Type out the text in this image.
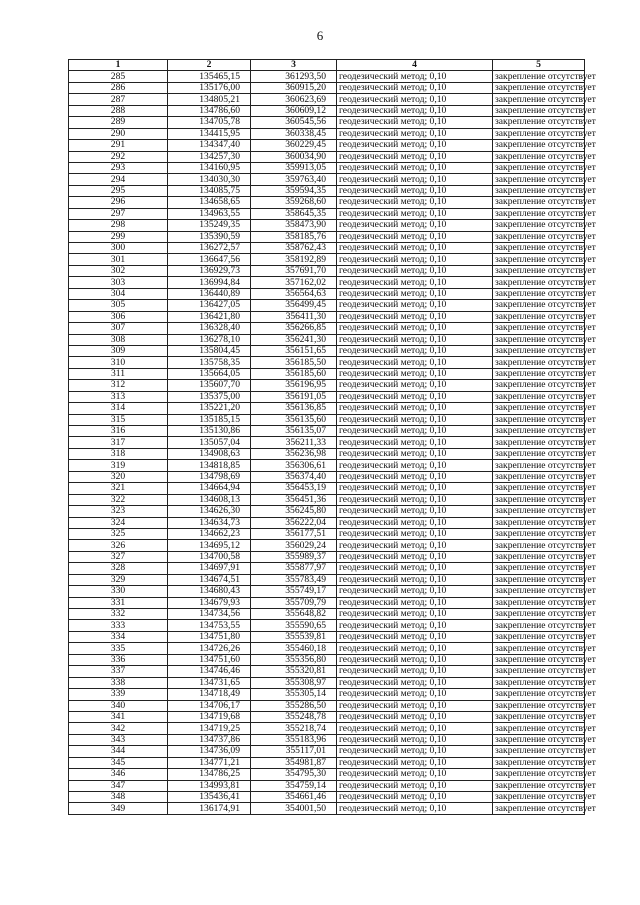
6
1	2	3	4	5
285	135465,15	361293,50	геодезический метод; 0,10	закрепление отсутствует
286	135176,00	360915,20	геодезический метод; 0,10	закрепление отсутствует
287	134805,21	360623,69	геодезический метод; 0,10	закрепление отсутствует
288	134786,60	360609,12	геодезический метод; 0,10	закрепление отсутствует
289	134705,78	360545,56	геодезический метод; 0,10	закрепление отсутствует
290	134415,95	360338,45	геодезический метод; 0,10	закрепление отсутствует
291	134347,40	360229,45	геодезический метод; 0,10	закрепление отсутствует
292	134257,30	360034,90	геодезический метод; 0,10	закрепление отсутствует
293	134160,95	359913,05	геодезический метод; 0,10	закрепление отсутствует
294	134030,30	359763,40	геодезический метод; 0,10	закрепление отсутствует
295	134085,75	359594,35	геодезический метод; 0,10	закрепление отсутствует
296	134658,65	359268,60	геодезический метод; 0,10	закрепление отсутствует
297	134963,55	358645,35	геодезический метод; 0,10	закрепление отсутствует
298	135249,35	358473,90	геодезический метод; 0,10	закрепление отсутствует
299	135390,59	358185,76	геодезический метод; 0,10	закрепление отсутствует
300	136272,57	358762,43	геодезический метод; 0,10	закрепление отсутствует
301	136647,56	358192,89	геодезический метод; 0,10	закрепление отсутствует
302	136929,73	357691,70	геодезический метод; 0,10	закрепление отсутствует
303	136994,84	357162,02	геодезический метод; 0,10	закрепление отсутствует
304	136440,89	356564,63	геодезический метод; 0,10	закрепление отсутствует
305	136427,05	356499,45	геодезический метод; 0,10	закрепление отсутствует
306	136421,80	356411,30	геодезический метод; 0,10	закрепление отсутствует
307	136328,40	356266,85	геодезический метод; 0,10	закрепление отсутствует
308	136278,10	356241,30	геодезический метод; 0,10	закрепление отсутствует
309	135804,45	356151,65	геодезический метод; 0,10	закрепление отсутствует
310	135758,35	356185,50	геодезический метод; 0,10	закрепление отсутствует
311	135664,05	356185,60	геодезический метод; 0,10	закрепление отсутствует
312	135607,70	356196,95	геодезический метод; 0,10	закрепление отсутствует
313	135375,00	356191,05	геодезический метод; 0,10	закрепление отсутствует
314	135221,20	356136,85	геодезический метод; 0,10	закрепление отсутствует
315	135185,15	356135,60	геодезический метод; 0,10	закрепление отсутствует
316	135130,86	356135,07	геодезический метод; 0,10	закрепление отсутствует
317	135057,04	356211,33	геодезический метод; 0,10	закрепление отсутствует
318	134908,63	356236,98	геодезический метод; 0,10	закрепление отсутствует
319	134818,85	356306,61	геодезический метод; 0,10	закрепление отсутствует
320	134798,69	356374,40	геодезический метод; 0,10	закрепление отсутствует
321	134664,94	356453,19	геодезический метод; 0,10	закрепление отсутствует
322	134608,13	356451,36	геодезический метод; 0,10	закрепление отсутствует
323	134626,30	356245,80	геодезический метод; 0,10	закрепление отсутствует
324	134634,73	356222,04	геодезический метод; 0,10	закрепление отсутствует
325	134662,23	356177,51	геодезический метод; 0,10	закрепление отсутствует
326	134695,12	356029,24	геодезический метод; 0,10	закрепление отсутствует
327	134700,58	355989,37	геодезический метод; 0,10	закрепление отсутствует
328	134697,91	355877,97	геодезический метод; 0,10	закрепление отсутствует
329	134674,51	355783,49	геодезический метод; 0,10	закрепление отсутствует
330	134680,43	355749,17	геодезический метод; 0,10	закрепление отсутствует
331	134679,93	355709,79	геодезический метод; 0,10	закрепление отсутствует
332	134734,56	355648,82	геодезический метод; 0,10	закрепление отсутствует
333	134753,55	355590,65	геодезический метод; 0,10	закрепление отсутствует
334	134751,80	355539,81	геодезический метод; 0,10	закрепление отсутствует
335	134726,26	355460,18	геодезический метод; 0,10	закрепление отсутствует
336	134751,60	355356,80	геодезический метод; 0,10	закрепление отсутствует
337	134746,46	355320,81	геодезический метод; 0,10	закрепление отсутствует
338	134731,65	355308,97	геодезический метод; 0,10	закрепление отсутствует
339	134718,49	355305,14	геодезический метод; 0,10	закрепление отсутствует
340	134706,17	355286,50	геодезический метод; 0,10	закрепление отсутствует
341	134719,68	355248,78	геодезический метод; 0,10	закрепление отсутствует
342	134719,25	355218,74	геодезический метод; 0,10	закрепление отсутствует
343	134737,86	355183,96	геодезический метод; 0,10	закрепление отсутствует
344	134736,09	355117,01	геодезический метод; 0,10	закрепление отсутствует
345	134771,21	354981,87	геодезический метод; 0,10	закрепление отсутствует
346	134786,25	354795,30	геодезический метод; 0,10	закрепление отсутствует
347	134993,81	354759,14	геодезический метод; 0,10	закрепление отсутствует
348	135436,41	354661,46	геодезический метод; 0,10	закрепление отсутствует
349	136174,91	354001,50	геодезический метод; 0,10	закрепление отсутствует
